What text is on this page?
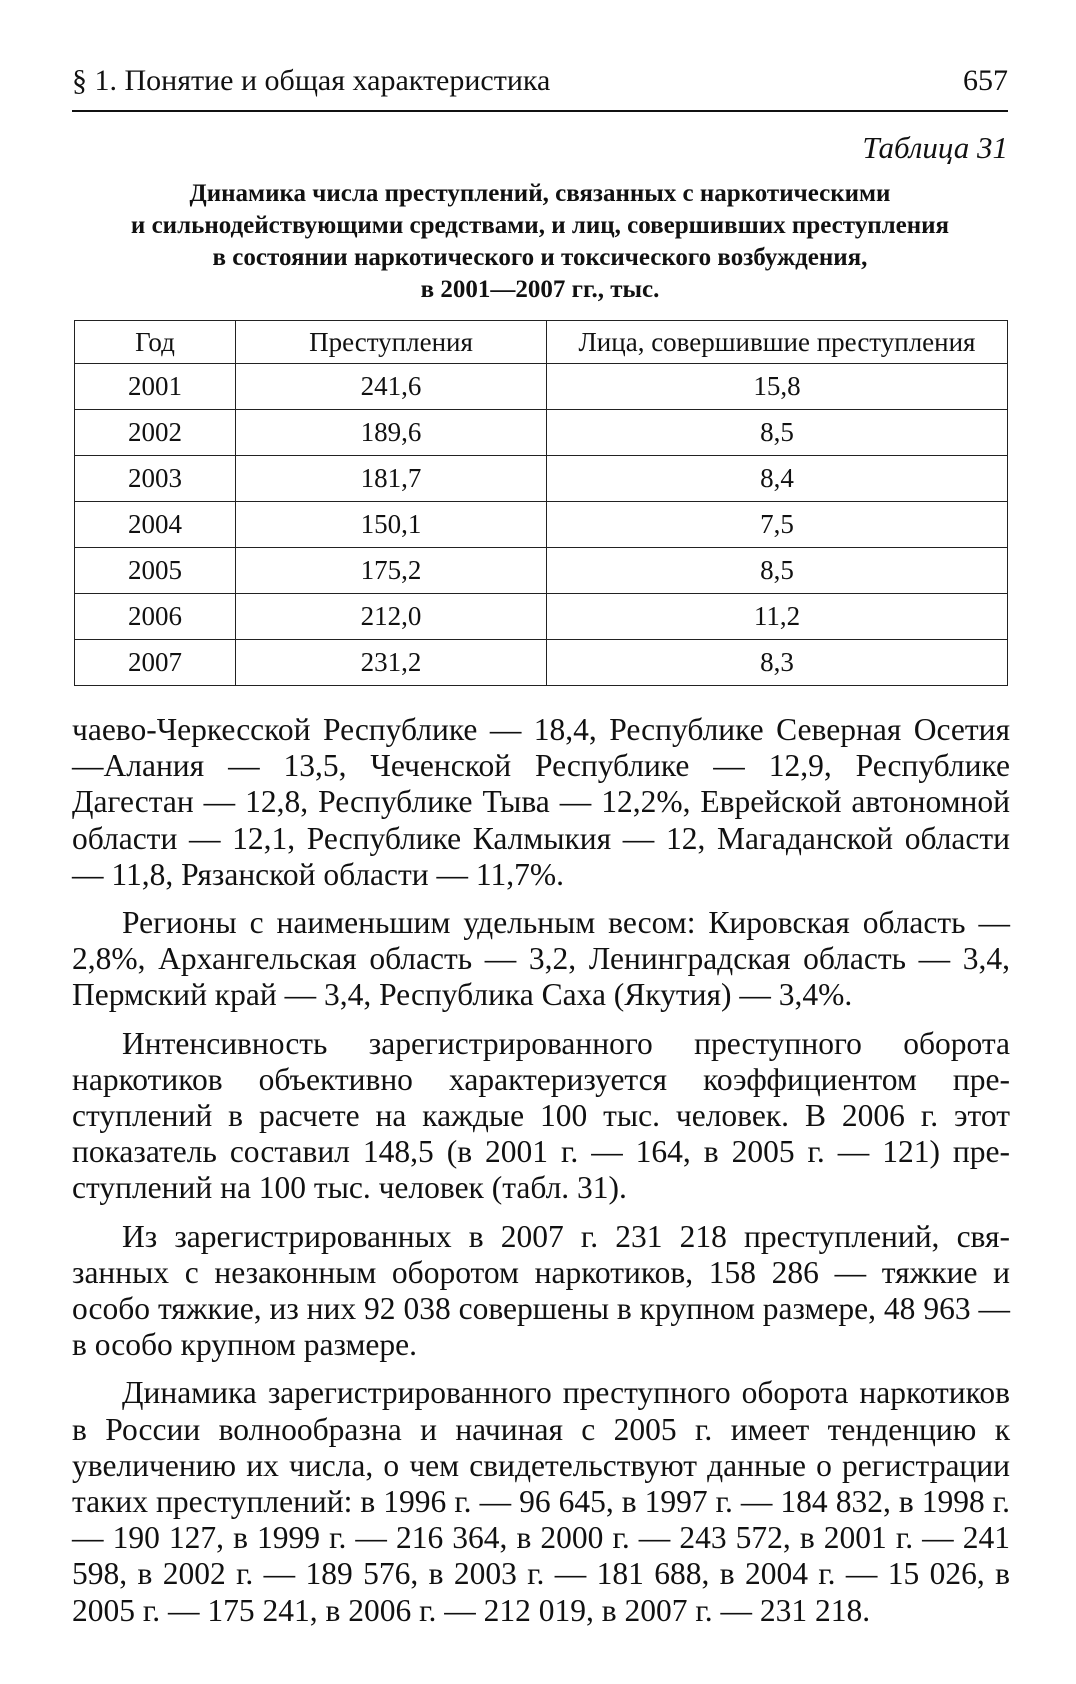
§ 1. Понятие и общая характеристика	657
Таблица 31
Динамика числа преступлений, связанных с наркотическими
и сильнодействующими средствами, и лиц, совершивших преступления
в состоянии наркотического и токсического возбуждения,
в 2001—2007 гг., тыс.
Год	Преступления	Лица, совершившие преступления
2001	241,6	15,8
2002	189,6	8,5
2003	181,7	8,4
2004	150,1	7,5
2005	175,2	8,5
2006	212,0	11,2
2007	231,2	8,3

чаево-Черкесской Республике — 18,4, Республике Северная Осетия—Алания — 13,5, Чеченской Республике — 12,9, Республике Дагестан — 12,8, Республике Тыва — 12,2%, Еврейской автономной области — 12,1, Республике Калмыкия — 12, Магаданской области — 11,8, Рязанской области — 11,7%.

Регионы с наименьшим удельным весом: Кировская область — 2,8%, Архангельская область — 3,2, Ленинградская область — 3,4, Пермский край — 3,4, Республика Саха (Якутия) — 3,4%.

Интенсивность зарегистрированного преступного оборота наркотиков объективно характеризуется коэффициентом преступлений в расчете на каждые 100 тыс. человек. В 2006 г. этот показатель составил 148,5 (в 2001 г. — 164, в 2005 г. — 121) преступлений на 100 тыс. человек (табл. 31).

Из зарегистрированных в 2007 г. 231 218 преступлений, связанных с незаконным оборотом наркотиков, 158 286 — тяжкие и особо тяжкие, из них 92 038 совершены в крупном размере, 48 963 — в особо крупном размере.

Динамика зарегистрированного преступного оборота наркотиков в России волнообразна и начиная с 2005 г. имеет тенденцию к увеличению их числа, о чем свидетельствуют данные о регистрации таких преступлений: в 1996 г. — 96 645, в 1997 г. — 184 832, в 1998 г. — 190 127, в 1999 г. — 216 364, в 2000 г. — 243 572, в 2001 г. — 241 598, в 2002 г. — 189 576, в 2003 г. — 181 688, в 2004 г. — 15 026, в 2005 г. — 175 241, в 2006 г. — 212 019, в 2007 г. — 231 218.
